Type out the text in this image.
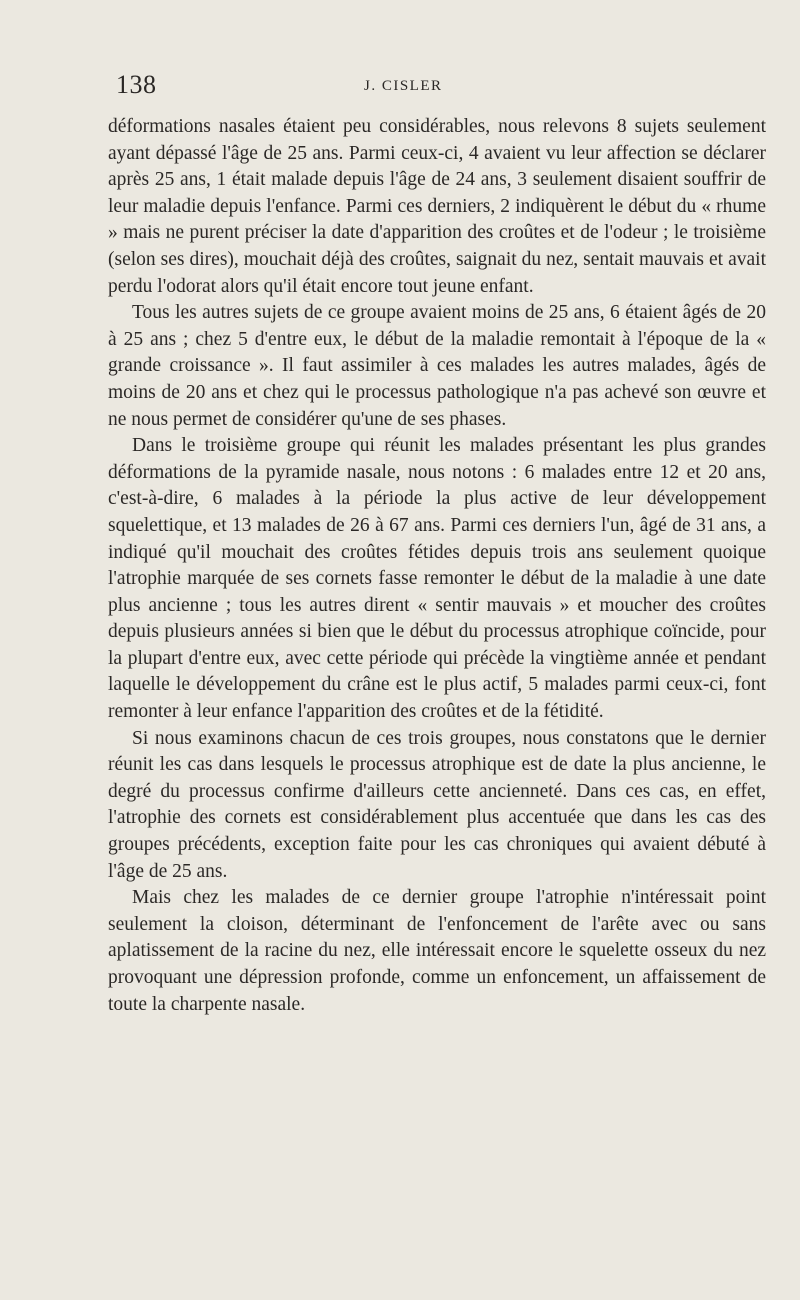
138	J. CISLER

déformations nasales étaient peu considérables, nous relevons 8 sujets seulement ayant dépassé l'âge de 25 ans. Parmi ceux-ci, 4 avaient vu leur affection se déclarer après 25 ans, 1 était malade depuis l'âge de 24 ans, 3 seulement disaient souffrir de leur maladie depuis l'enfance. Parmi ces derniers, 2 indiquèrent le début du « rhume » mais ne purent préciser la date d'apparition des croûtes et de l'odeur ; le troisième (selon ses dires), mouchait déjà des croûtes, saignait du nez, sentait mauvais et avait perdu l'odorat alors qu'il était encore tout jeune enfant.

Tous les autres sujets de ce groupe avaient moins de 25 ans, 6 étaient âgés de 20 à 25 ans ; chez 5 d'entre eux, le début de la maladie remontait à l'époque de la « grande croissance ». Il faut assimiler à ces malades les autres malades, âgés de moins de 20 ans et chez qui le processus pathologique n'a pas achevé son œuvre et ne nous permet de considérer qu'une de ses phases.

Dans le troisième groupe qui réunit les malades présentant les plus grandes déformations de la pyramide nasale, nous notons : 6 malades entre 12 et 20 ans, c'est-à-dire, 6 malades à la période la plus active de leur développement squelettique, et 13 malades de 26 à 67 ans. Parmi ces derniers l'un, âgé de 31 ans, a indiqué qu'il mouchait des croûtes fétides depuis trois ans seulement quoique l'atrophie marquée de ses cornets fasse remonter le début de la maladie à une date plus ancienne ; tous les autres dirent « sentir mauvais » et moucher des croûtes depuis plusieurs années si bien que le début du processus atrophique coïncide, pour la plupart d'entre eux, avec cette période qui précède la vingtième année et pendant laquelle le développement du crâne est le plus actif, 5 malades parmi ceux-ci, font remonter à leur enfance l'apparition des croûtes et de la fétidité.

Si nous examinons chacun de ces trois groupes, nous constatons que le dernier réunit les cas dans lesquels le processus atrophique est de date la plus ancienne, le degré du processus confirme d'ailleurs cette ancienneté. Dans ces cas, en effet, l'atrophie des cornets est considérablement plus accentuée que dans les cas des groupes précédents, exception faite pour les cas chroniques qui avaient débuté à l'âge de 25 ans.

Mais chez les malades de ce dernier groupe l'atrophie n'intéressait point seulement la cloison, déterminant de l'enfoncement de l'arête avec ou sans aplatissement de la racine du nez, elle intéressait encore le squelette osseux du nez provoquant une dépression profonde, comme un enfoncement, un affaissement de toute la charpente nasale.
